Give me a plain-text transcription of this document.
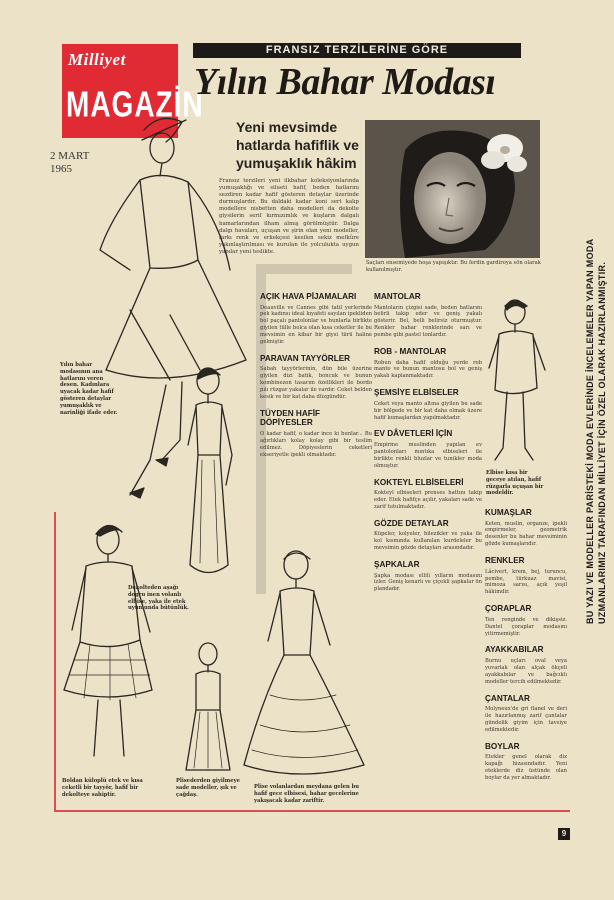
Milliyet
MAGAZİN
2 MART
1965
FRANSIZ TERZİLERİNE GÖRE
Yılın Bahar Modası
Yeni mevsimde hatlarda hafiflik ve yumuşaklık hâkim
Fransız terzileri yeni ilkbahar koleksiyonlarında yumuşaklığı ve silueti hafif, beden hatlarını sezdiren kadar hafif gösteren detaylar üzerinde durmuşlardır. Bu daldaki kadar koni sert kalıp modellere nisbetten daha modelleri da dekolte giysilerin serif kırmızımlık ve kuşların dalgalı hamarlarından ilham almış görülmüştür. Dalga dalgı havaları, uçuşan ve şirin olan yeni modeller, farkı renk ve erkekçesi kesilen sekiz mefkûre yakınlaştırılması ve kurulan ile yolculukta uygun yapılar yeni teslikte.
Saçları ensemiyede hoşa yapışıktır. Bu ferdin gardiroya sön olarak kullanılmıştır.	BU YAZI VE MODELLER PARİSTEKİ MODA EVLERİNDE İNCELEMELER YAPAN MODA UZMANLARIMIZ TARAFINDAN MİLLİYET İÇİN ÖZEL OLARAK HAZIRLANMIŞTIR.
AÇIK HAVA PİJAMALARI
Deauville ve Cannes gibi tatil yerlerinde pek kadınsı ideal kıyafeti sayılan ipekliden bol paçalı pantolonlar ve bunlarla birlikte giyilen tülle bolca olan kısa ceketler ile bu mevsimin en kibar bir giysi türü haline gelmiştir.
PARAVAN TAYYÖRLER
Sabah tayyörlerinin, dün bile üzerine giyilen dizi batik, boncuk ve bunun kombinezon tasarım özellikleri ile bordo pılı rüzgar yakalar ile vardır. Ceket belden kesik ve bir kat daha düzgündür.
TÜYDEN HAFİF DÖPİYESLER
O kadar hafif, o kadar ince ki bunlar... Bu ağırlıkları kolay kolay gibi bir teslim edilmez. Döpiyeslerin ceketleri ekseriyetle ipekli olmaktadır.
MANTOLAR
Mantoların çizgisi sade, beden hatlarını belirli takip eder ve geniş yakalı gösterir. Bel, belli belirsiz oturmuştur. Renkler bahar renklerinde sarı ve pembe gibi pastel tonlardır.
ROB - MANTOLAR
Robun daha hafif olduğu yerde rob manto ve bunun mantosu bol ve geniş yakalı kaplanmaktadır.
ŞEMSİYE ELBİSELER
Ceket veya manto altına giyilen bu sade bir bölgede ve bir kat daha olmak üzere hafif kumaşlardan yapılmaktadır.
EV DÂVETLERİ İÇİN
Empirme muslinden yapılan ev pantolonları mıntıka elbiseleri ile birlikte renkli bluzlar ve tunikler moda olmuştur.
KOKTEYL ELBİSELERİ
Kokteyl elbiseleri prenses hattını takip eder. Etek hafifçe açılır, yakaları sade ve zarif tutulmaktadır.
GÖZDE DETAYLAR
Küpeler, kolyeler, bilezikler ve yaka ile kol kısmında kullanılan kurdeleler bu mevsimin gözde detayları arasındadır.
ŞAPKALAR
Şapka modası ellili yılların modasını izler. Geniş kenarlı ve çiçekli şapkalar ön plandadır.
KUMAŞLAR
Keten, muslin, organze, ipekli empirmeler, geometrik desenler bu bahar mevsiminin gözde kumaşlarıdır.
RENKLER
Lâcivert, krem, bej, turuncu, pembe, türkuaz mavisi, mimoza sarısı, açık yeşil hâkimdir.
ÇORAPLAR
Ten renginde ve dikişsiz. Dantel çoraplar modasını yitirmemiştir.
AYAKKABILAR
Burnu uçları oval veya yuvarlak olan alçak ökçeli ayakkabılar ve bağcıklı modeller tercih edilmektedir.
ÇANTALAR
Molyneux'de gri flanel ve deri ile hazırlanmış zarif çantalar gündelik giyim için tavsiye edilmektedir.
BOYLAR
Etekler genel olarak diz kapağı hizasındadır. Yeni eteklerde diz üstünde olan boylar da yer almaktadır.
Yılın bahar modasının ana hatlarını veren desen. Kadınlara uyacak kadar hafif gösteren detaylar yumuşaklık ve narinliği ifade eder.
Dekolteden aşağı dogru inen volanlı elbise, yaka ile etek uyumunda bütünlük.
Elbise kısa bir geceye atılan, hafif rüzgarla uçuşan bir modeldir.
Boldan küloplü etek ve kısa ceketli bir tayyör, hafif bir dekolteye sahiptir.
Plisederden giyilmeye sade modeller, şık ve çağdaş.
Plise volanlardan meydana gelen bu hafif gece elbisesi, bahar gecelerine yakışacak kadar zariftir.
9
